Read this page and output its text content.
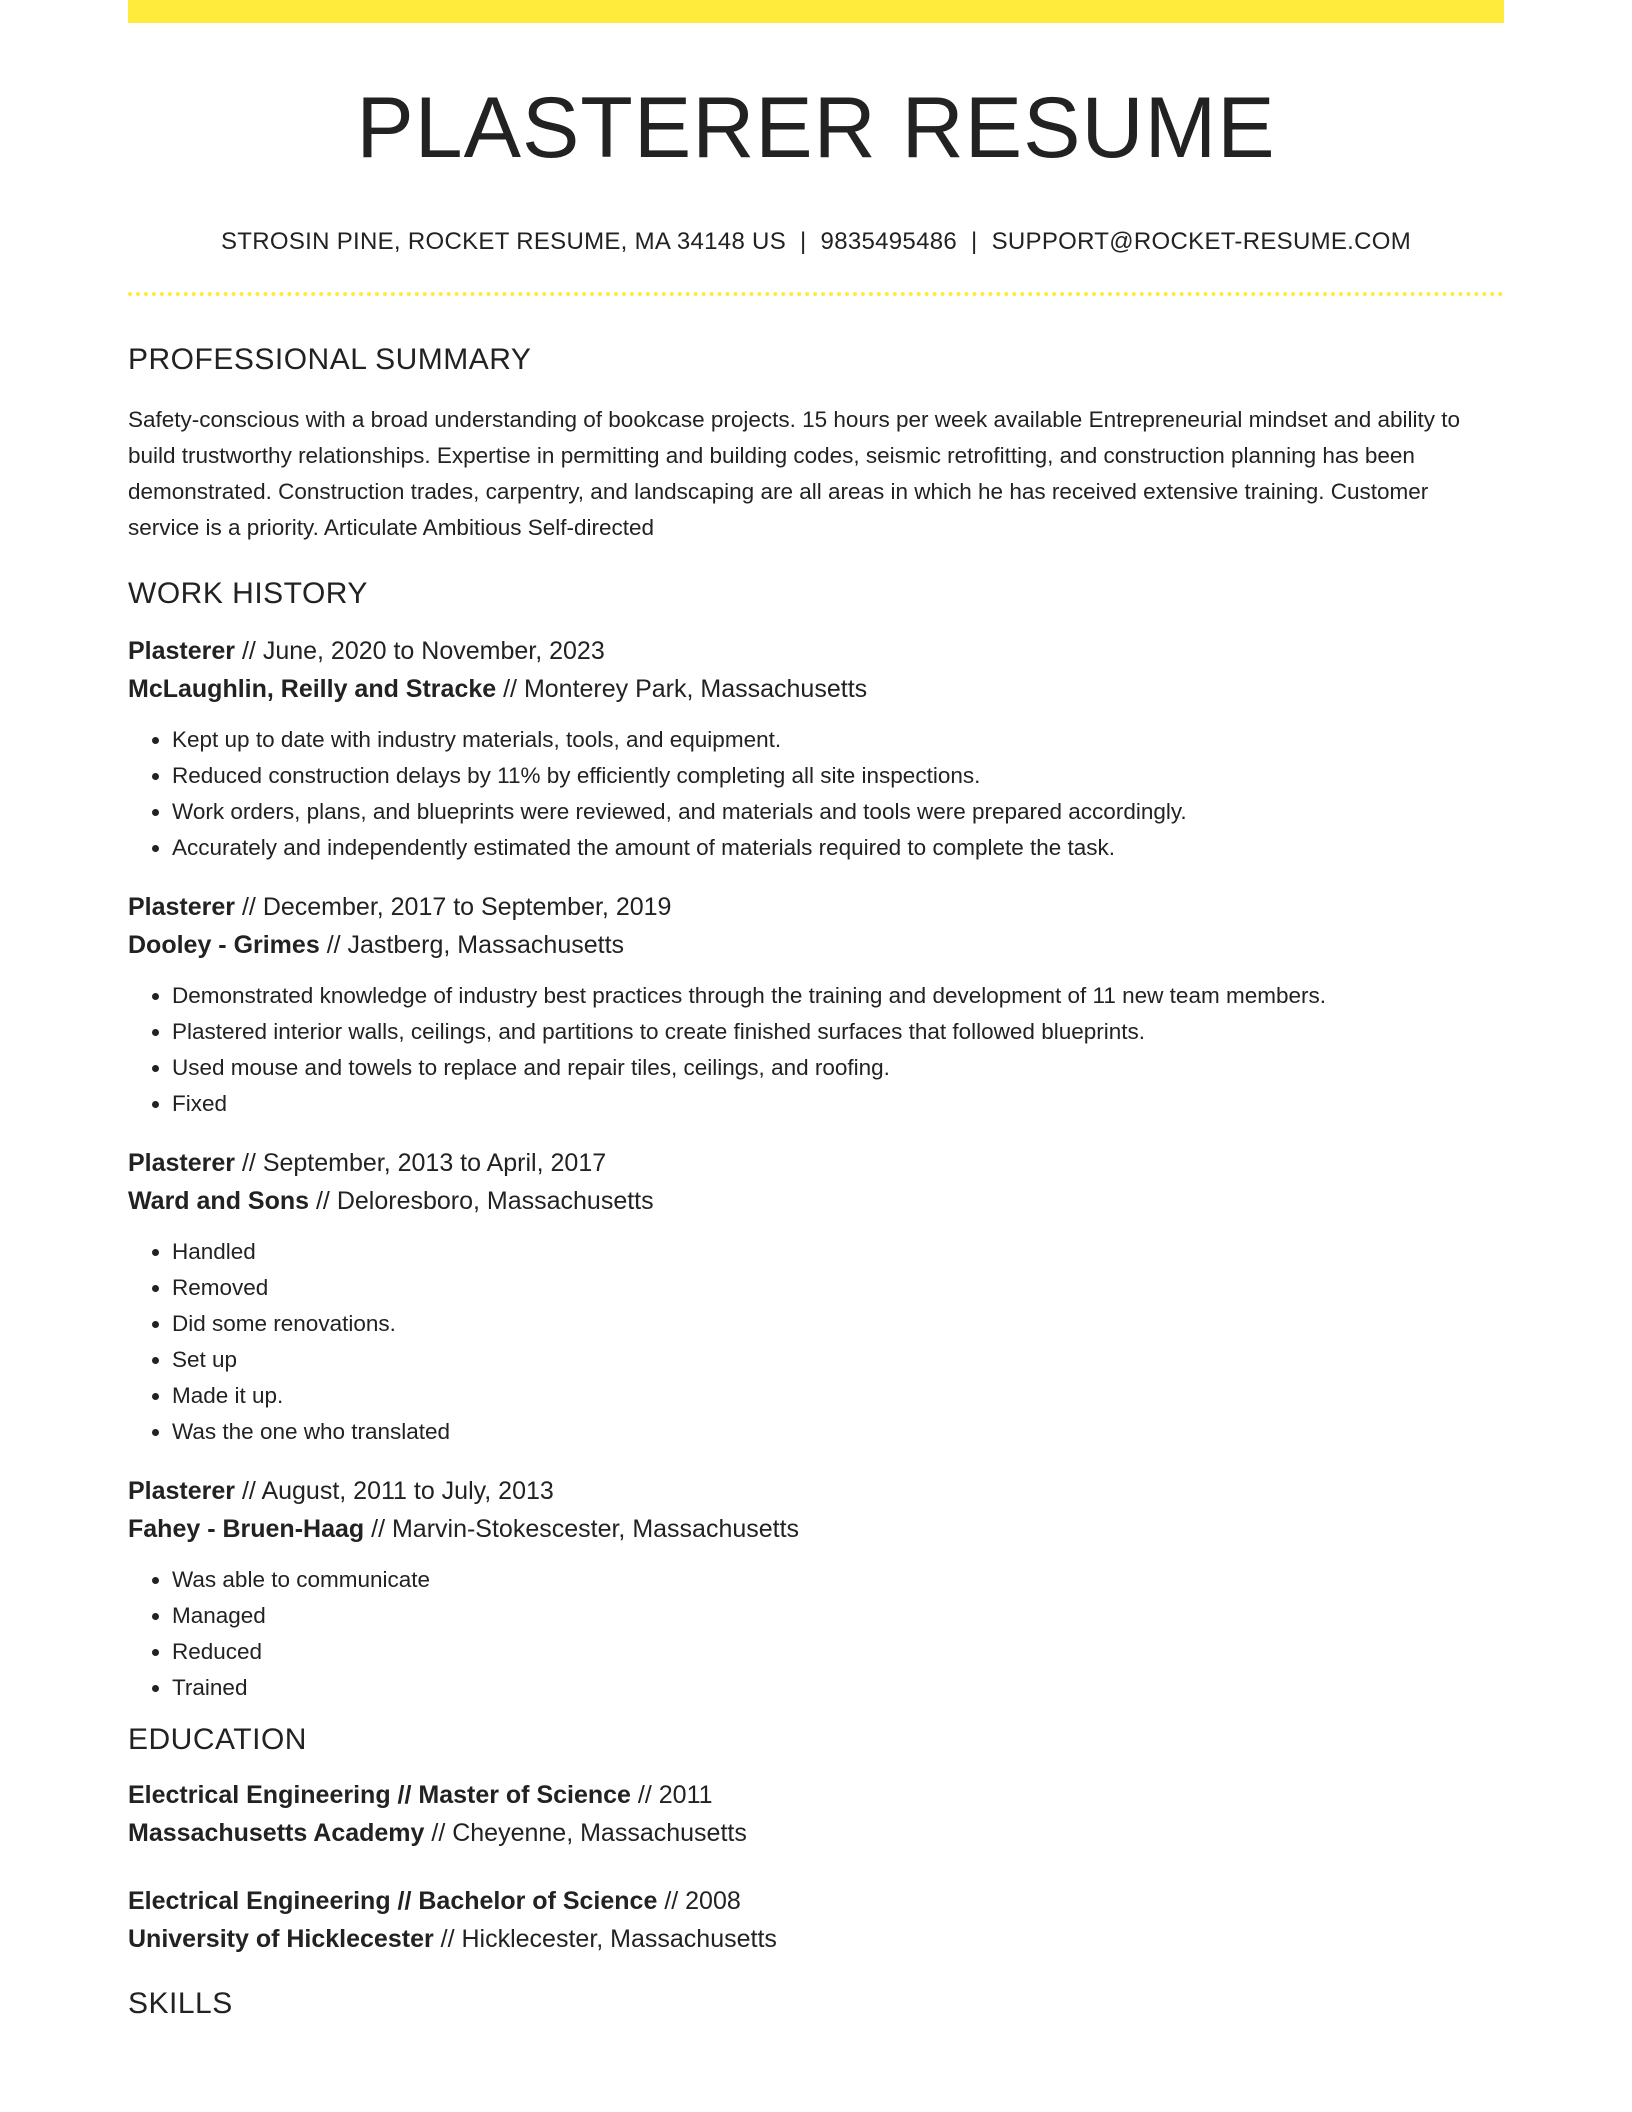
PLASTERER RESUME
STROSIN PINE, ROCKET RESUME, MA 34148 US | 9835495486 | SUPPORT@ROCKET-RESUME.COM
PROFESSIONAL SUMMARY

Safety-conscious with a broad understanding of bookcase projects. 15 hours per week available Entrepreneurial mindset and ability to build trustworthy relationships. Expertise in permitting and building codes, seismic retrofitting, and construction planning has been demonstrated. Construction trades, carpentry, and landscaping are all areas in which he has received extensive training. Customer service is a priority. Articulate Ambitious Self-directed

WORK HISTORY
Plasterer // June, 2020 to November, 2023
McLaughlin, Reilly and Stracke // Monterey Park, Massachusetts
• Kept up to date with industry materials, tools, and equipment.
• Reduced construction delays by 11% by efficiently completing all site inspections.
• Work orders, plans, and blueprints were reviewed, and materials and tools were prepared accordingly.
• Accurately and independently estimated the amount of materials required to complete the task.
Plasterer // December, 2017 to September, 2019
Dooley - Grimes // Jastberg, Massachusetts
• Demonstrated knowledge of industry best practices through the training and development of 11 new team members.
• Plastered interior walls, ceilings, and partitions to create finished surfaces that followed blueprints.
• Used mouse and towels to replace and repair tiles, ceilings, and roofing.
• Fixed
Plasterer // September, 2013 to April, 2017
Ward and Sons // Deloresboro, Massachusetts
• Handled
• Removed
• Did some renovations.
• Set up
• Made it up.
• Was the one who translated
Plasterer // August, 2011 to July, 2013
Fahey - Bruen-Haag // Marvin-Stokescester, Massachusetts
• Was able to communicate
• Managed
• Reduced
• Trained
EDUCATION
Electrical Engineering // Master of Science // 2011
Massachusetts Academy // Cheyenne, Massachusetts
Electrical Engineering // Bachelor of Science // 2008
University of Hicklecester // Hicklecester, Massachusetts
SKILLS
